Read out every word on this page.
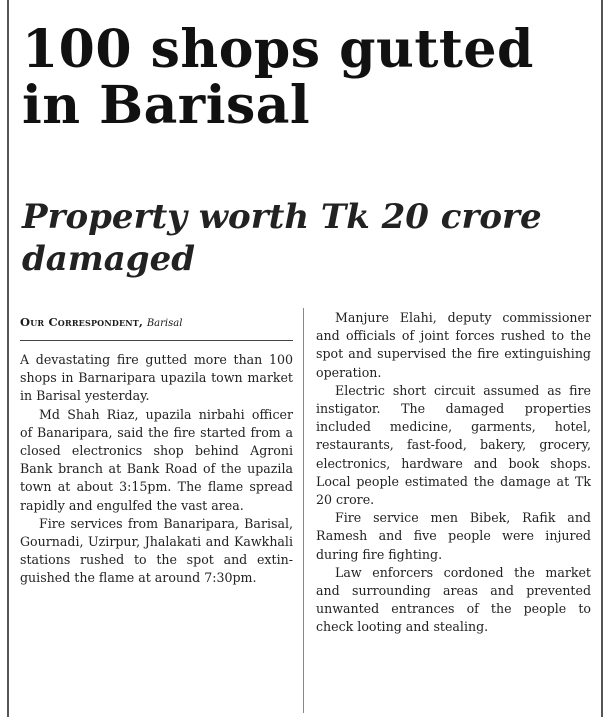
100 shops gutted in Barisal
Property worth Tk 20 crore damaged
Our Correspondent, Barisal

A devastating fire gutted more than 100 shops in Barnaripara upazila town market in Barisal yesterday.

Md Shah Riaz, upazila nirbahi officer of Banaripara, said the fire started from a closed electronics shop behind Agroni Bank branch at Bank Road of the upazila town at about 3:15pm. The flame spread rapidly and engulfed the vast area.

Fire services from Banaripara, Barisal, Gournadi, Uzirpur, Jhalakati and Kawkhali stations rushed to the spot and extinguished the flame at around 7:30pm.

Manjure Elahi, deputy commissioner and officials of joint forces rushed to the spot and supervised the fire extinguishing operation.

Electric short circuit assumed as fire instigator. The damaged properties included medicine, garments, hotel, restaurants, fast-food, bakery, grocery, electronics, hardware and book shops. Local people estimated the damage at Tk 20 crore.

Fire service men Bibek, Rafik and Ramesh and five people were injured during fire fighting.

Law enforcers cordoned the market and surrounding areas and prevented unwanted entrances of the people to check looting and stealing.
